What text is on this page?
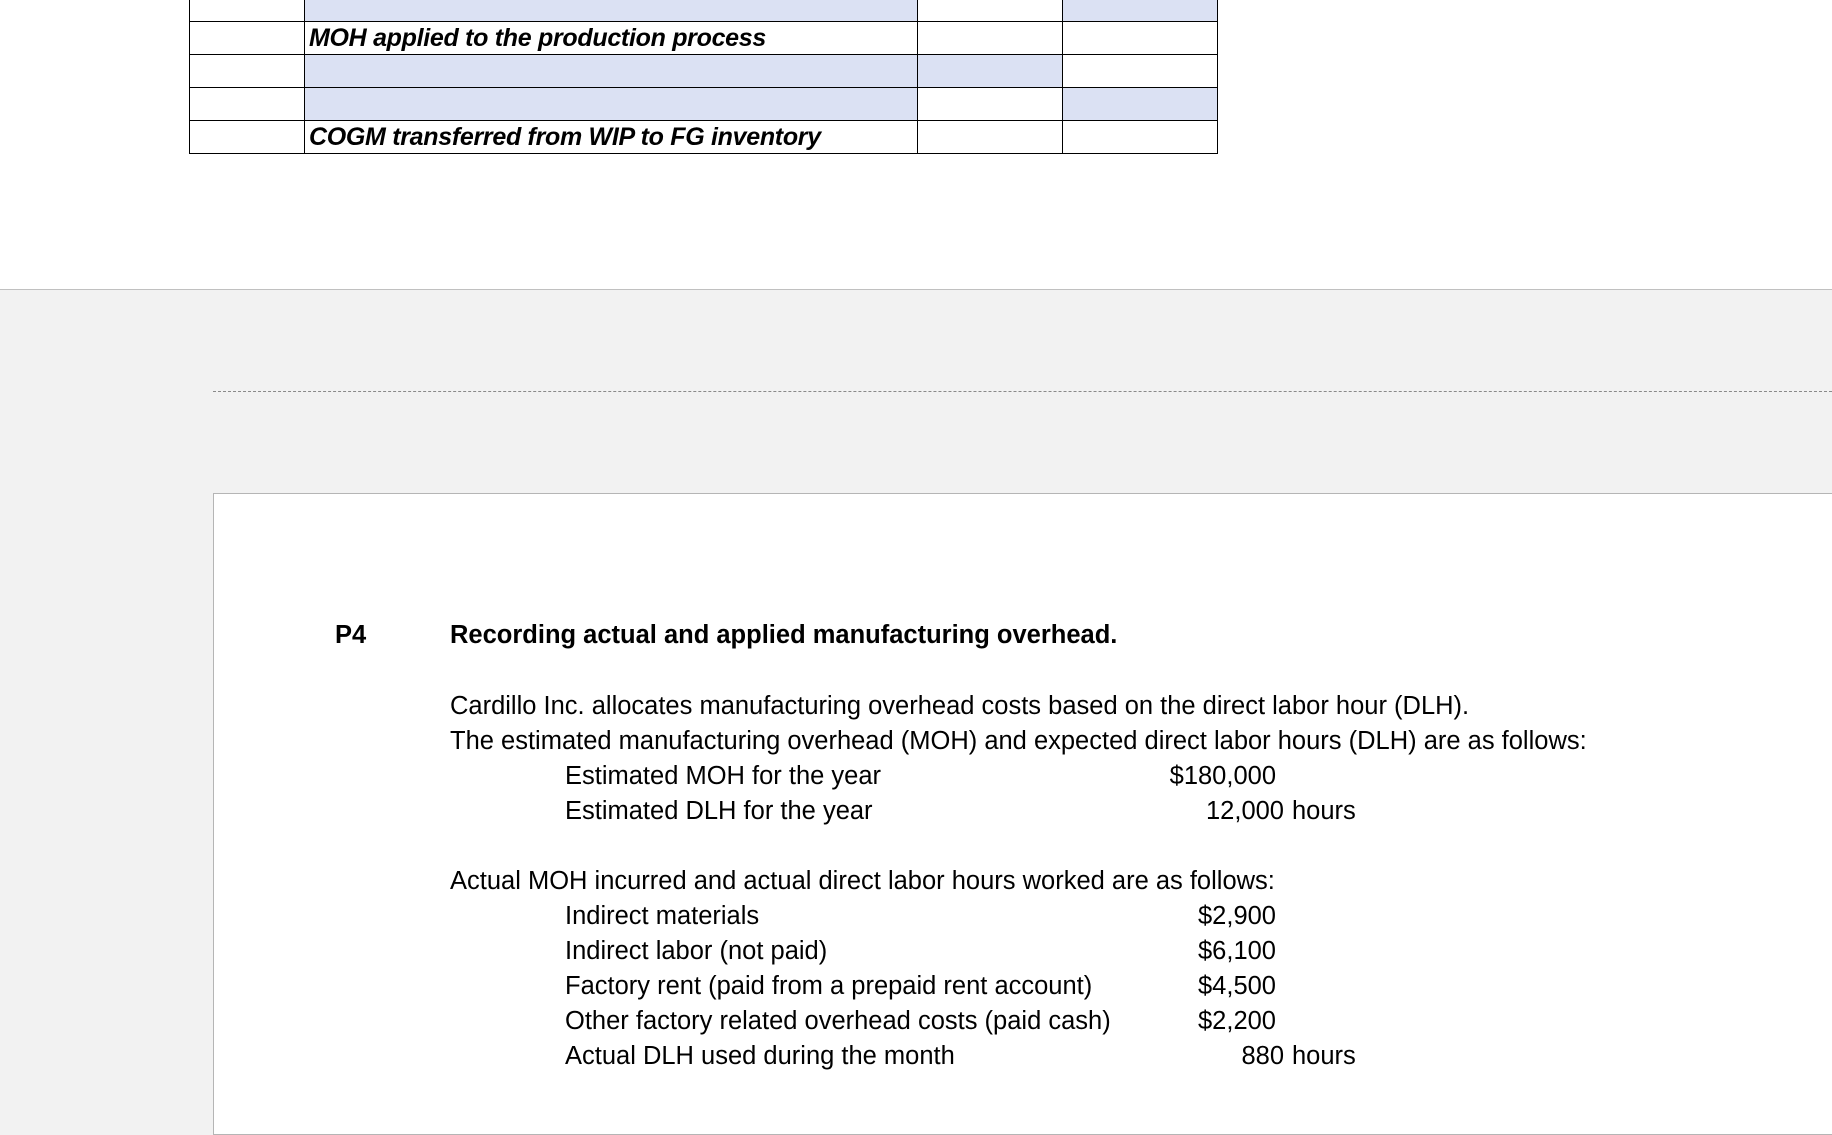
	MOH applied to the production process		

	COGM transferred from WIP to FG inventory		
P4	Recording actual and applied manufacturing overhead.
Cardillo Inc. allocates manufacturing overhead costs based on the direct labor hour (DLH).
The estimated manufacturing overhead (MOH) and expected direct labor hours (DLH) are as follows:
Estimated MOH for the year	$180,000
Estimated DLH for the year	12,000 hours
Actual MOH incurred and actual direct labor hours worked are as follows:
Indirect materials	$2,900
Indirect labor (not paid)	$6,100
Factory rent (paid from a prepaid rent account)	$4,500
Other factory related overhead costs (paid cash)	$2,200
Actual DLH used during the month	880 hours
